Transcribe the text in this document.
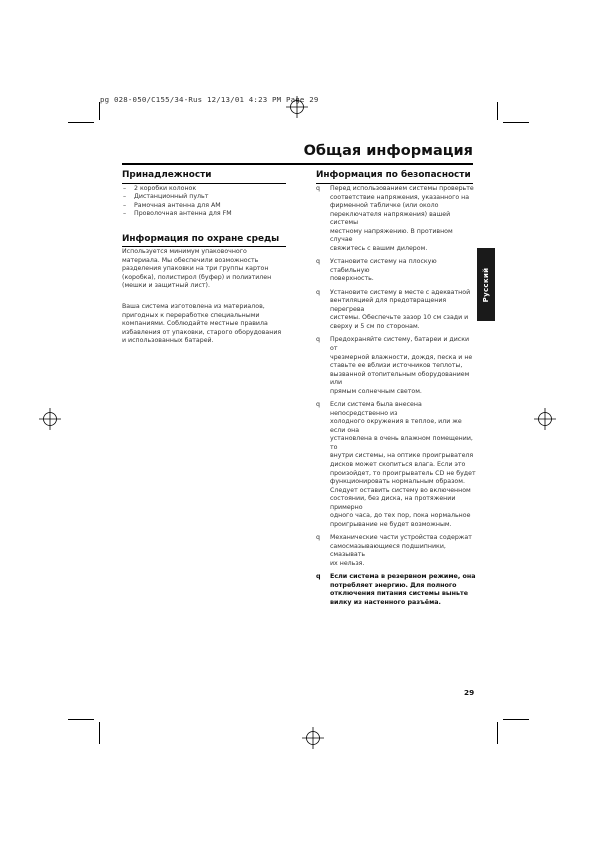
pg 028-050/C155/34-Rus 12/13/01 4:23 PM Page 29
Общая информация
Принадлежности
– 2 коробки колонок
– Дистанционный пульт
– Рамочная антенна для АМ
– Проволочная антенна для FM
Информация по охране среды
Используется минимум упаковочного
материала. Мы обеспечили возможность
разделения упаковки на три группы картон
(коробка), полистирол (буфер) и полиэтилен
(мешки и защитный лист).
Ваша система изготовлена из материалов,
пригодных к переработке специальными
компаниями. Соблюдайте местные правила
избавления от упаковки, старого оборудования
и использованных батарей.
Информация по безопасности
q Перед использованием системы проверьте
соответствие напряжения, указанного на
фирменной табличке (или около
переключателя напряжения) вашей системы
местному напряжению. В противном случае
свяжитесь с вашим дилером.
q Установите систему на плоскую стабильную
поверхность.
q Установите систему в месте с адекватной
вентиляцией для предотвращения перегрева
системы. Обеспечьте зазор 10 см сзади и
сверху и 5 см по сторонам.
q Предохраняйте систему, батареи и диски от
чрезмерной влажности, дождя, песка и не
ставьте ее вблизи источников теплоты,
вызванной отопительным оборудованием или
прямым солнечным светом.
q Если система была внесена непосредственно из
холодного окружения в теплое, или же если она
установлена в очень влажном помещении, то
внутри системы, на оптике проигрывателя
дисков может скопиться влага. Если это
произойдет, то проигрыватель CD не будет
функционировать нормальным образом.
Следует оставить систему во включенном
состоянии, без диска, на протяжении примерно
одного часа, до тех пор, пока нормальное
проигрывание не будет возможным.
q Механические части устройства содержат
самосмазывающиеся подшипники, смазывать
их нельзя.
q Если система в резервном режиме, она
потребляет энергию. Для полного
отключения питания системы выньте
вилку из настенного разъёма.
Русский
29
